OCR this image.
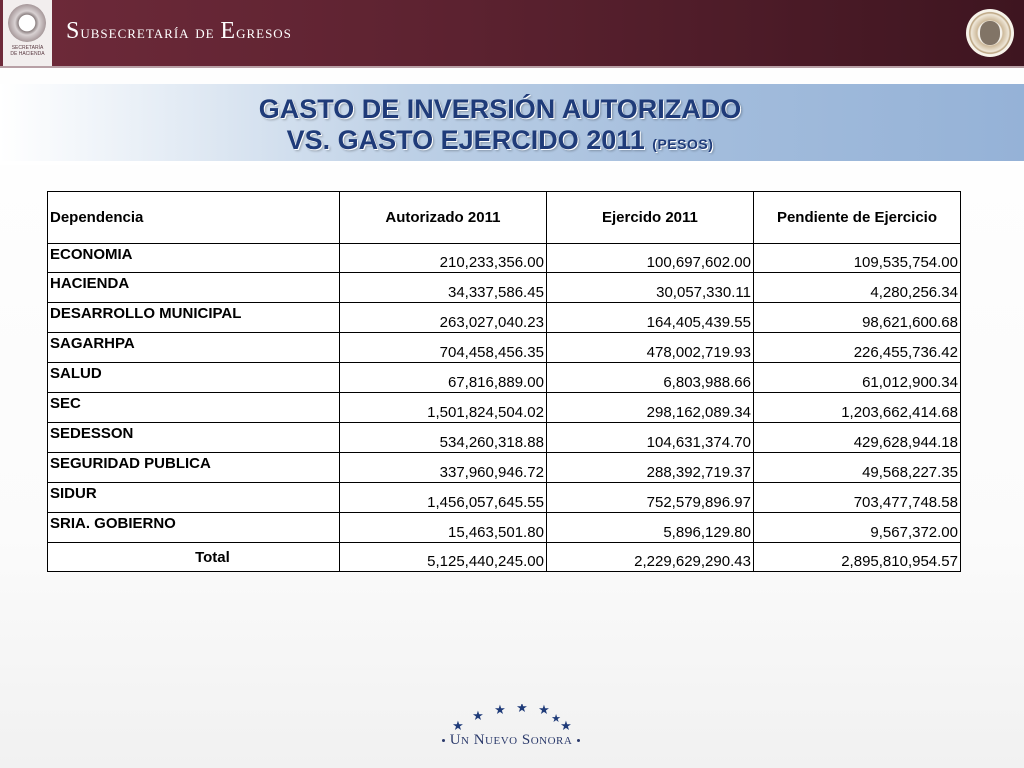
SECRETARÍA
DE HACIENDA
Subsecretaría de Egresos
GASTO DE INVERSIÓN AUTORIZADO
VS. GASTO EJERCIDO 2011 (PESOS)
Dependencia	Autorizado 2011	Ejercido 2011	Pendiente de Ejercicio
ECONOMIA	210,233,356.00	100,697,602.00	109,535,754.00
HACIENDA	34,337,586.45	30,057,330.11	4,280,256.34
DESARROLLO MUNICIPAL	263,027,040.23	164,405,439.55	98,621,600.68
SAGARHPA	704,458,456.35	478,002,719.93	226,455,736.42
SALUD	67,816,889.00	6,803,988.66	61,012,900.34
SEC	1,501,824,504.02	298,162,089.34	1,203,662,414.68
SEDESSON	534,260,318.88	104,631,374.70	429,628,944.18
SEGURIDAD PUBLICA	337,960,946.72	288,392,719.37	49,568,227.35
SIDUR	1,456,057,645.55	752,579,896.97	703,477,748.58
SRIA. GOBIERNO	15,463,501.80	5,896,129.80	9,567,372.00
Total	5,125,440,245.00	2,229,629,290.43	2,895,810,954.57
★
★ ★ ★ ★
★
★
Un Nuevo Sonora
